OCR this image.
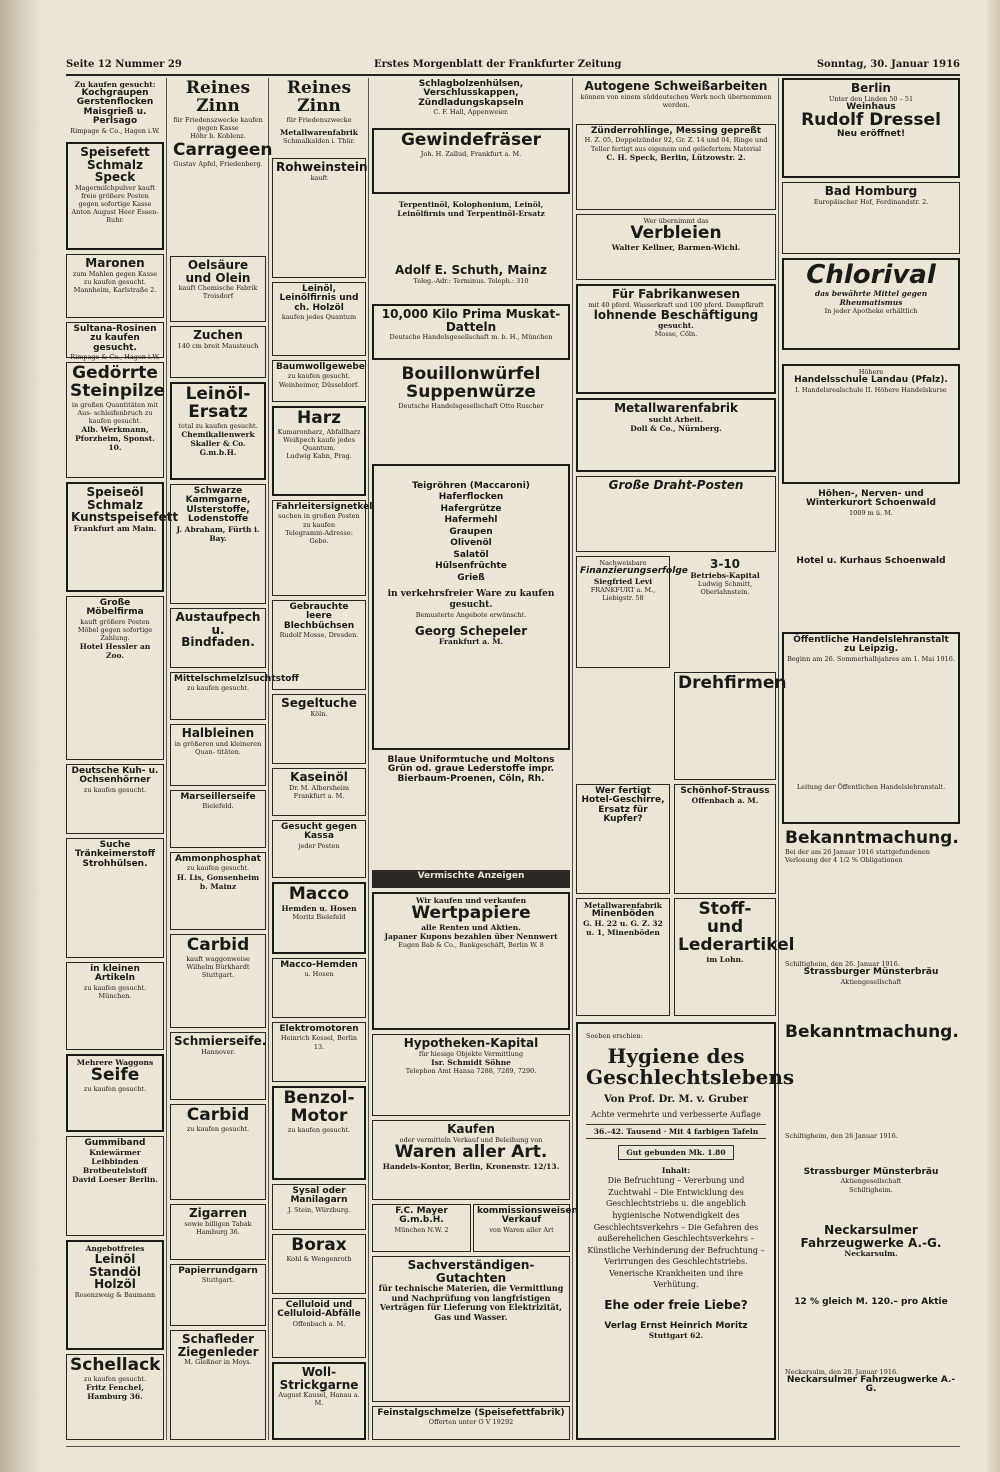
Seite 12 Nummer 29	Erstes Morgenblatt der Frankfurter Zeitung	Sonntag, 30. Januar 1916
Zu kaufen gesucht:
Kochgraupen Gerstenflocken Maisgrieß u. Perlsago
Rimpage & Co., Hagen i.W.
Speisefett Schmalz Speck
Magermilchpulver kauft freie größere Posten gegen sofortige Kasse Anton August Heer Essen-Ruhr.
Maronen
zum Mahlen gegen Kasse zu kaufen gesucht. Mannheim, Karlstraße 2.
Sultana-Rosinen zu kaufen gesucht.
Rimpage & Co., Hagen i.W.
Gedörrte Steinpilze
in großen Quantitäten mit Aus- schleifenbruch zu kaufen gesucht.
Alb. Werkmann, Pforzheim, Sponst. 10.
Speiseöl Schmalz Kunstspeisefett
Frankfurt am Main.
Große Möbelfirma
kauft größere Posten Möbel gegen sofortige Zahlung.
Hotel Hessler an Zoo.
Deutsche Kuh- u. Ochsenhörner
zu kaufen gesucht.
Suche
Tränkeimerstoff
Strohhülsen.
in kleinen Artikeln
zu kaufen gesucht.
München.
Mehrere Waggons
Seife
zu kaufen gesucht.
Gummiband
Kniewärmer Leibbinden Brotbeutelstoff
David Loeser Berlin.
Angebotfreies
Leinöl Standöl Holzöl
Rosenzweig & Baumann
Schellack
zu kaufen gesucht.
Fritz Fenchel, Hamburg 36.
Reines Zinn
für Friedenszwecke kaufen gegen Kasse
Höhr b. Koblenz.
Carrageen
Gustav Apfel, Friedenberg.
Oelsäure und Olein
kauft Chemische Fabrik Troisdorf
Zuchen
140 cm breit Mausteuch
Leinöl-Ersatz
total zu kaufen gesucht.
Chemikalienwerk Skaller & Co. G.m.b.H.
Schwarze Kammgarne, Ulsterstoffe, Lodenstoffe
J. Abraham, Fürth i. Bay.
Austaufpech u. Bindfaden.
Mittelschmelzlsuchtstoff
zu kaufen gesucht.
Halbleinen
in größeren und kleineren Quan- titäten.
Marseillerseife
Bielefeld.
Ammonphosphat
zu kaufen gesucht.
H. Lis, Gonsenheim b. Mainz
Carbid
kauft waggonweise Wilhelm Bürkhardt
Stuttgart.
Schmierseife.
Hannover.
Carbid
zu kaufen gesucht.
Zigarren
sowie billigen Tabak
Hamburg 36.
Papierrundgarn
Stuttgart.
Schafleder Ziegenleder
M. Gleßner in Moys.
Reines Zinn
für Friedenszwecke
Metallwarenfabrik
Schmalkalden i. Thür.
Rohweinstein
kauft
Leinöl, Leinölfirnis und ch. Holzöl
kaufen jedes Quantum
Baumwollgewebe
zu kaufen gesucht.
Weinheimer, Düsseldorf.
Harz
Kumaronharz, Abfallharz Weißpech kaufe jedes Quantum.
Ludwig Kahn, Prag.
Fahrleitersignetkel
suchen in großen Posten zu kaufen
Telegramm-Adresse: Gebo.
Gebrauchte leere Blechbüchsen
Rudolf Mosse, Dresden.
Segeltuche
Köln.
Kaseinöl
Dr. M. Albersheim Frankfurt a. M.
Gesucht gegen Kassa
jeder Posten
Macco
Hemden u. Hosen
Moritz Bielefeld
Macco-Hemden
u. Hosen
Elektromotoren
Heinrich Kessel, Berlin 13.
Benzol-Motor
zu kaufen gesucht.
Sysal oder Manilagarn
J. Stein, Würzburg.
Borax
Kohl & Wengenroth
Celluloid und Celluloid-Abfälle
Offenbach a. M.
Woll-Strickgarne
August Kausel, Hanau a. M.
Schlagbolzenhülsen, Verschlusskappen, Zündladungskapseln
C. F. Hall, Appenweier.
Gewindefräser
Joh. H. Zallud, Frankfurt a. M.
Terpentinöl, Kolophonium, Leinöl, Leinölfirnis und Terpentinöl-Ersatz
Adolf E. Schuth, Mainz
Teleg.-Adr.: Terminus. Teleph.: 310
10,000 Kilo Prima Muskat-Datteln
Deutsche Handelsgesellschaft m. b. H., München
Bouillonwürfel Suppenwürze
Deutsche Handelsgesellschaft Otto Ruscher
Teigröhren (Maccaroni)
Haferflocken
Hafergrütze
Hafermehl
Graupen
Olivenöl
Salatöl
Hülsenfrüchte
Grieß
in verkehrsfreier Ware zu kaufen gesucht.
Bemusterte Angebote erwünscht.
Georg Schepeler
Frankfurt a. M.
Blaue Uniformtuche und Moltons
Grün od. graue Lederstoffe impr.
Bierbaum-Proenen, Cöln, Rh.
Vermischte Anzeigen
Wir kaufen und verkaufen
Wertpapiere
alle Renten und Aktien.
Japaner Kupons bezahlen über Nennwert
Eugen Bab & Co., Bankgeschäft, Berlin W. 8
Hypotheken-Kapital
für hiesige Objekte Vermittlung
Isr. Schmidt Söhne
Telephon Amt Hansa 7288, 7289, 7290.
Kaufen
oder vermitteln Verkauf und Beleihung von
Waren aller Art.
Handels-Kontor, Berlin, Kronenstr. 12/13.
F.C. Mayer G.m.b.H.
München N.W. 2
kommissionsweisen Verkauf
von Waren aller Art
Sachverständigen-Gutachten
für technische Materien, die Vermittlung und Nachprüfung von langfristigen Verträgen für Lieferung von Elektrizität, Gas und Wasser.
Feinstalgschmelze (Speisefettfabrik)
Offerten unter O V 19292
Autogene Schweißarbeiten
können von einem süddeutschen Werk noch übernommen werden.
Zünderrohlinge, Messing gepreßt
H. Z. 05, Doppelzünder 92, Gr. Z. 14 und 04, Ringe und Teller fertigt aus eigenem und geliefertem Material
C. H. Speck, Berlin, Lützowstr. 2.
Wer übernimmt das
Verbleien
Walter Kellner, Barmen-Wichl.
Für Fabrikanwesen
mit 40 pferd. Wasserkraft und 100 pferd. Dampfkraft
lohnende Beschäftigung
gesucht.
Mosse, Cöln.
Metallwarenfabrik
sucht Arbeit.
Doll & Co., Nürnberg.
Große Draht-Posten
Nachweisbare
Finanzierungserfolge
Siegfried Levi
FRANKFURT a. M., Liebigstr. 58
3-10
Betriebs-Kapital
Ludwig Schmitt, Oberlahnstein.
Drehfirmen
Schönhof-Strauss
Offenbach a. M.
Wer fertigt Hotel-Geschirre, Ersatz für Kupfer?
Metallwarenfabrik
Minenböden
G. H. 22 u. G. Z. 32 u. 1, Minenböden
Stoff- und Lederartikel
im Lohn.
Soeben erschien:
Hygiene des Geschlechtslebens
Von Prof. Dr. M. v. Gruber
Achte vermehrte und verbesserte Auflage
36.–42. Tausend · Mit 4 farbigen Tafeln
Gut gebunden Mk. 1.80
Inhalt:
Die Befruchtung – Vererbung und Zuchtwahl – Die Entwicklung des Geschlechtstriebs u. die angeblich hygienische Notwendigkeit des Geschlechtsverkehrs – Die Gefahren des außerehelichen Geschlechtsverkehrs – Künstliche Verhinderung der Befruchtung – Verirrungen des Geschlechtstriebs. Venerische Krankheiten und ihre Verhütung.
Ehe oder freie Liebe?
Verlag Ernst Heinrich Moritz
Stuttgart 62.
Berlin
Unter den Linden 50 – 51
Weinhaus
Rudolf Dressel
Neu eröffnet!
Bad Homburg
Europäischer Hof, Ferdinandstr. 2.
Chlorival
das bewährte Mittel gegen Rheumatismus
In jeder Apotheke erhältlich
Höhere
Handelsschule Landau (Pfalz).
I. Handelsrealschule II. Höhere Handelskurse
Höhen-, Nerven- und Winterkurort Schoenwald
1009 m ü. M.
Hotel u. Kurhaus Schoenwald
Öffentliche Handelslehranstalt zu Leipzig.
Beginn am 26. Sommerhalbjahres am 1. Mai 1916.
Leitung der Öffentlichen Handelslehranstalt.
Bekanntmachung.
Bei der am 26 Januar 1916 stattgefundenen Verlosung der 4 1/2 % Obligationen
Schiltigheim, den 26. Januar 1916.
Strassburger Münsterbräu
Aktiengesellschaft
Bekanntmachung.
Schiltigheim, den 26 Januar 1916.
Strassburger Münsterbräu
Aktiengesellschaft
Schiltigheim.
Neckarsulmer Fahrzeugwerke A.-G.
Neckarsulm.
12 % gleich M. 120.– pro Aktie
Neckarsulm, den 28. Januar 1916.
Neckarsulmer Fahrzeugwerke A.-G.
